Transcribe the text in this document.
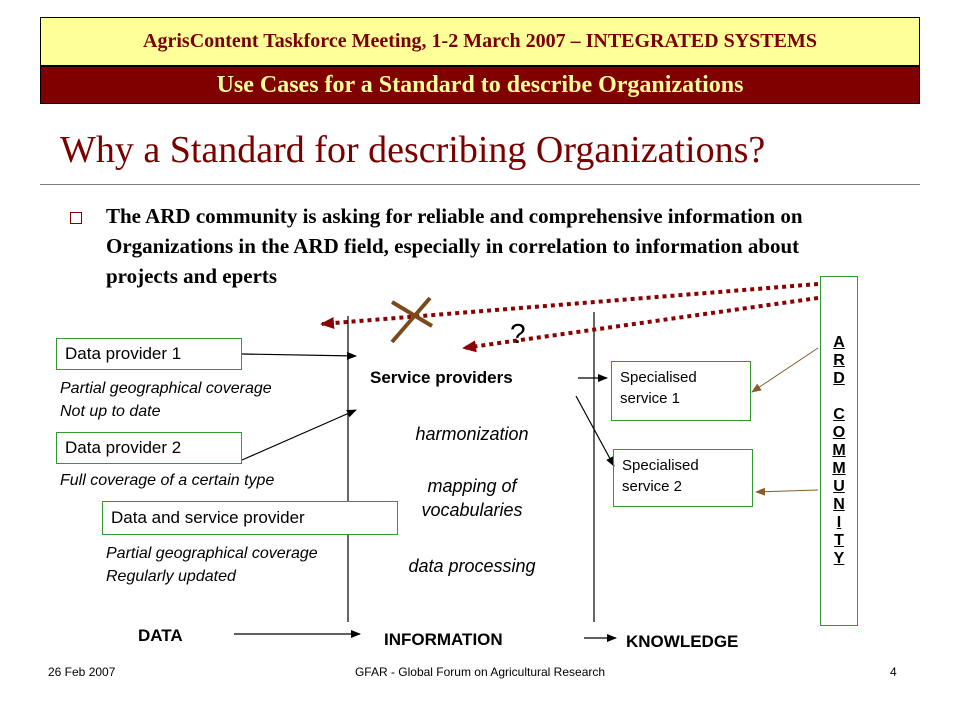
AgrisContent Taskforce Meeting, 1-2 March 2007 – INTEGRATED SYSTEMS
Use Cases for a Standard to describe Organizations
Why a Standard for describing Organizations?
The ARD community is asking for reliable and comprehensive information on Organizations in the ARD field, especially in correlation to information about projects and eperts
Data provider 1
Partial geographical coverage
Not up to date
Data provider 2
Full coverage of a certain type
Data and service provider
Partial geographical coverage
Regularly updated
?
Service providers
harmonization
mapping of
vocabularies
data processing
Specialised
service 1
Specialised
service 2
A
R
D
C
O
M
M
U
N
I
T
Y
DATA	INFORMATION	KNOWLEDGE
26 Feb 2007	GFAR - Global Forum on Agricultural Research	4
